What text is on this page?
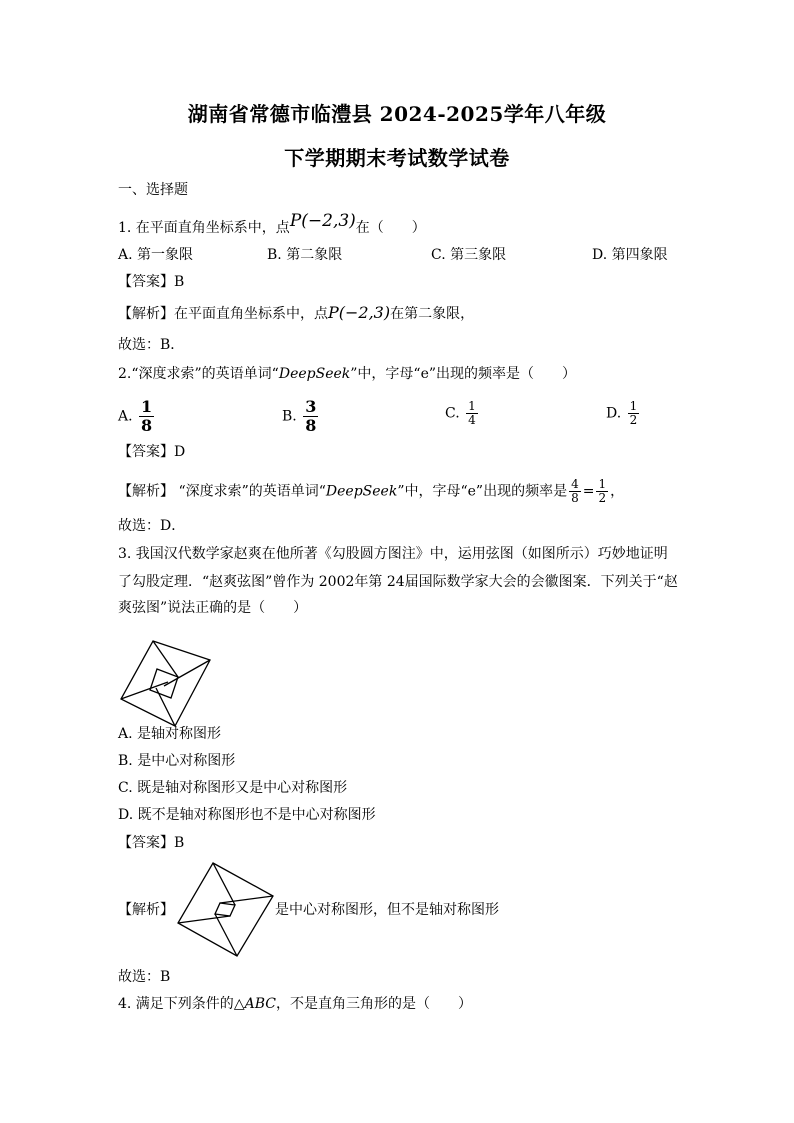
湖南省常德市临澧县 2024-2025学年八年级
下学期期末考试数学试卷
一、选择题
1. 在平面直角坐标系中，点P(−2,3)在（　　）
A. 第一象限	B. 第二象限	C. 第三象限	D. 第四象限
【答案】B
【解析】在平面直角坐标系中，点P(−2,3)在第二象限，
故选：B．
2.“深度求索”的英语单词“DeepSeek”中，字母“e”出现的频率是（　　）
A. $\frac{1}{8}$	B. $\frac{3}{8}$	C. $\frac{1}{4}$	D. $\frac{1}{2}$
【答案】D
【解析】 “深度求索”的英语单词“DeepSeek”中，字母“e”出现的频率是 $\frac{4}{8} = \frac{1}{2}$ ，
故选：D．
3. 我国汉代数学家赵爽在他所著《勾股圆方图注》中，运用弦图（如图所示）巧妙地证明
了勾股定理．“赵爽弦图”曾作为 2002年第 24届国际数学家大会的会徽图案．下列关于“赵
爽弦图”说法正确的是（　　）
A. 是轴对称图形
B. 是中心对称图形
C. 既是轴对称图形又是中心对称图形
D. 既不是轴对称图形也不是中心对称图形
【答案】B
【解析】	是中心对称图形，但不是轴对称图形
故选：B
4. 满足下列条件的△ABC，不是直角三角形的是（　　）
